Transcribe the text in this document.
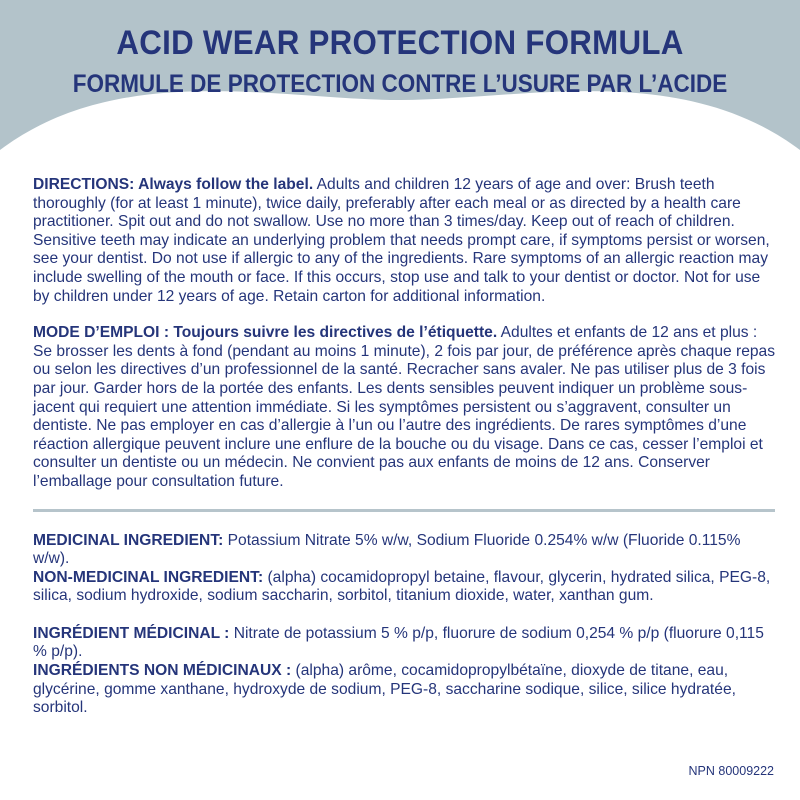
ACID WEAR PROTECTION FORMULA
FORMULE DE PROTECTION CONTRE L’USURE PAR L’ACIDE

DIRECTIONS: Always follow the label. Adults and children 12 years of age and over: Brush teeth thoroughly (for at least 1 minute), twice daily, preferably after each meal or as directed by a health care practitioner. Spit out and do not swallow. Use no more than 3 times/day. Keep out of reach of children. Sensitive teeth may indicate an underlying problem that needs prompt care, if symptoms persist or worsen, see your dentist. Do not use if allergic to any of the ingredients. Rare symptoms of an allergic reaction may include swelling of the mouth or face. If this occurs, stop use and talk to your dentist or doctor. Not for use by children under 12 years of age. Retain carton for additional information.

MODE D’EMPLOI : Toujours suivre les directives de l’étiquette. Adultes et enfants de 12 ans et plus : Se brosser les dents à fond (pendant au moins 1 minute), 2 fois par jour, de préférence après chaque repas ou selon les directives d’un professionnel de la santé. Recracher sans avaler. Ne pas utiliser plus de 3 fois par jour. Garder hors de la portée des enfants. Les dents sensibles peuvent indiquer un problème sous-jacent qui requiert une attention immédiate. Si les symptômes persistent ou s’aggravent, consulter un dentiste. Ne pas employer en cas d’allergie à l’un ou l’autre des ingrédients. De rares symptômes d’une réaction allergique peuvent inclure une enflure de la bouche ou du visage. Dans ce cas, cesser l’emploi et consulter un dentiste ou un médecin. Ne convient pas aux enfants de moins de 12 ans. Conserver l’emballage pour consultation future.

MEDICINAL INGREDIENT: Potassium Nitrate 5% w/w, Sodium Fluoride 0.254% w/w (Fluoride 0.115% w/w).

NON-MEDICINAL INGREDIENT: (alpha) cocamidopropyl betaine, flavour, glycerin, hydrated silica, PEG-8, silica, sodium hydroxide, sodium saccharin, sorbitol, titanium dioxide, water, xanthan gum.

INGRÉDIENT MÉDICINAL : Nitrate de potassium 5 % p/p, fluorure de sodium 0,254 % p/p (fluorure 0,115 % p/p).

INGRÉDIENTS NON MÉDICINAUX : (alpha) arôme, cocamidopropylbétaïne, dioxyde de titane, eau, glycérine, gomme xanthane, hydroxyde de sodium, PEG-8, saccharine sodique, silice, silice hydratée, sorbitol.

NPN 80009222
